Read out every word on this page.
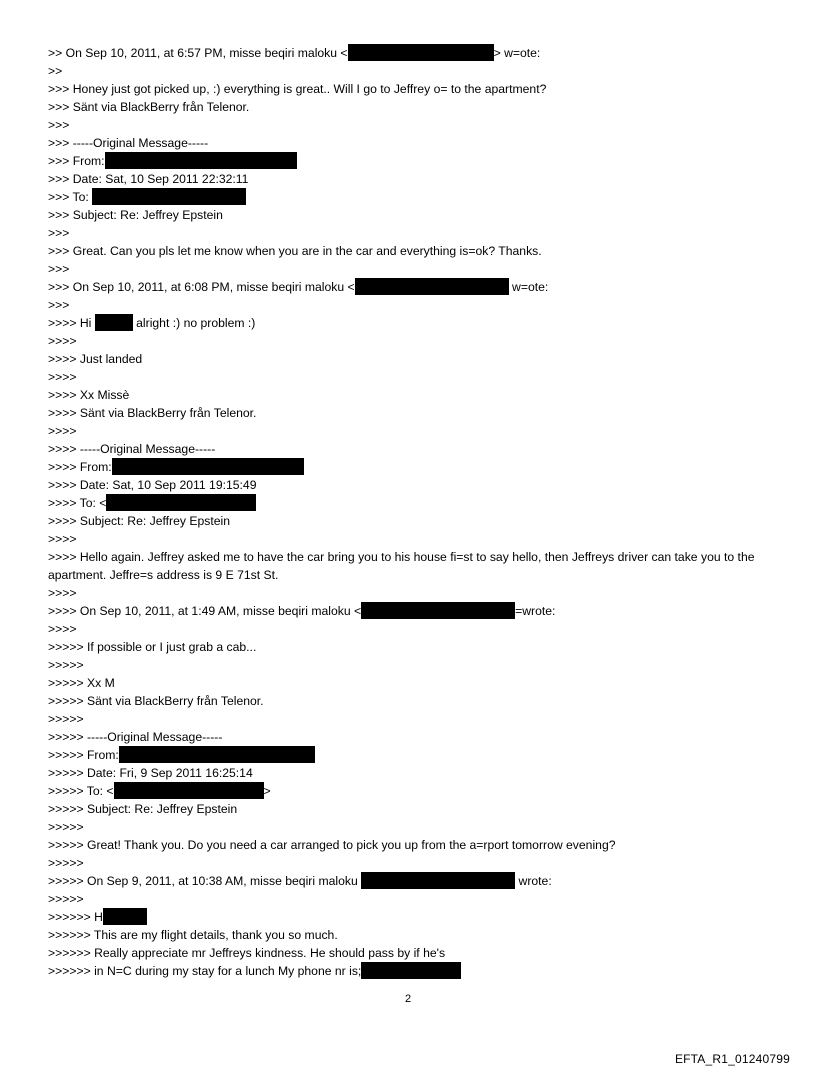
>> On Sep 10, 2011, at 6:57 PM, misse beqiri maloku <	> w=ote:
>>
>>> Honey just got picked up, :) everything is great.. Will I go to Jeffrey o= to the apartment?
>>> Sänt via BlackBerry från Telenor.
>>>
>>> -----Original Message-----
>>> From:
>>> Date: Sat, 10 Sep 2011 22:32:11
>>> To:
>>> Subject: Re: Jeffrey Epstein
>>>
>>> Great. Can you pls let me know when you are in the car and everything is=ok? Thanks.
>>>
>>> On Sep 10, 2011, at 6:08 PM, misse beqiri maloku <	w=ote:
>>>
>>>> Hi	alright :) no problem :)
>>>>
>>>> Just landed
>>>>
>>>> Xx Missè
>>>> Sänt via BlackBerry från Telenor.
>>>>
>>>> -----Original Message-----
>>>> From:
>>>> Date: Sat, 10 Sep 2011 19:15:49
>>>> To: <
>>>> Subject: Re: Jeffrey Epstein
>>>>
>>>> Hello again. Jeffrey asked me to have the car bring you to his house fi=st to say hello, then Jeffreys driver can take you to the apartment. Jeffre=s address is 9 E 71st St.
>>>>
>>>> On Sep 10, 2011, at 1:49 AM, misse beqiri maloku <	=wrote:
>>>>
>>>>> If possible or I just grab a cab...
>>>>>
>>>>> Xx M
>>>>> Sänt via BlackBerry från Telenor.
>>>>>
>>>>> -----Original Message-----
>>>>> From:
>>>>> Date: Fri, 9 Sep 2011 16:25:14
>>>>> To: <	>
>>>>> Subject: Re: Jeffrey Epstein
>>>>>
>>>>> Great! Thank you. Do you need a car arranged to pick you up from the a=rport tomorrow evening?
>>>>>
>>>>> On Sep 9, 2011, at 10:38 AM, misse beqiri maloku	wrote:
>>>>>
>>>>>> H
>>>>>> This are my flight details, thank you so much.
>>>>>> Really appreciate mr Jeffreys kindness. He should pass by if he's
>>>>>> in N=C during my stay for a lunch My phone nr is;
2
EFTA_R1_01240799
